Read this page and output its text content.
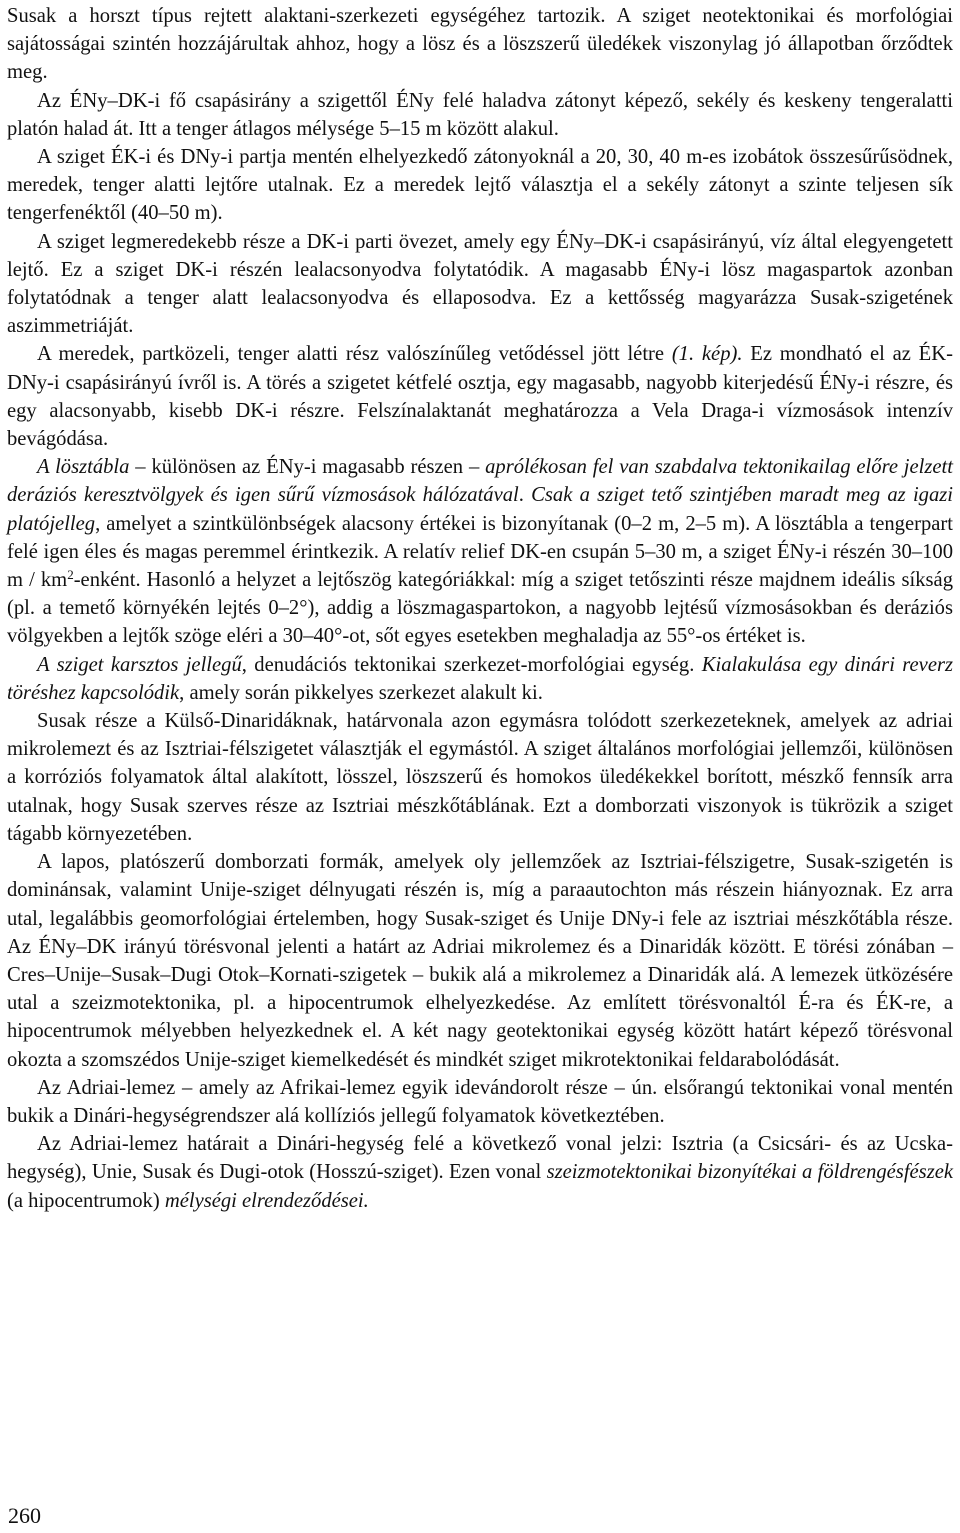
Susak a horszt típus rejtett alaktani-szerkezeti egységéhez tartozik. A sziget neotektonikai és morfológiai sajátosságai szintén hozzájárultak ahhoz, hogy a lösz és a löszszerű üledékek viszonylag jó állapotban őrződtek meg.

Az ÉNy–DK-i fő csapásirány a szigettől ÉNy felé haladva zátonyt képező, sekély és keskeny tengeralatti platón halad át. Itt a tenger átlagos mélysége 5–15 m között alakul.

A sziget ÉK-i és DNy-i partja mentén elhelyezkedő zátonyoknál a 20, 30, 40 m-es izobátok összesűrűsödnek, meredek, tenger alatti lejtőre utalnak. Ez a meredek lejtő választja el a sekély zátonyt a szinte teljesen sík tengerfenéktől (40–50 m).

A sziget legmeredekebb része a DK-i parti övezet, amely egy ÉNy–DK-i csapásirányú, víz által elegyengetett lejtő. Ez a sziget DK-i részén lealacsonyodva folytatódik. A magasabb ÉNy-i lösz magaspartok azonban folytatódnak a tenger alatt lealacsonyodva és ellaposodva. Ez a kettősség magyarázza Susak-szigetének aszimmetriáját.

A meredek, partközeli, tenger alatti rész valószínűleg vetődéssel jött létre (1. kép). Ez mondható el az ÉK-DNy-i csapásirányú ívről is. A törés a szigetet kétfelé osztja, egy magasabb, nagyobb kiterjedésű ÉNy-i részre, és egy alacsonyabb, kisebb DK-i részre. Felszínalaktanát meghatározza a Vela Draga-i vízmosások intenzív bevágódása.

A lösztábla – különösen az ÉNy-i magasabb részen – aprólékosan fel van szabdalva tektonikailag előre jelzett deráziós keresztvölgyek és igen sűrű vízmosások hálózatával. Csak a sziget tető szintjében maradt meg az igazi platójelleg, amelyet a szintkülönbségek alacsony értékei is bizonyítanak (0–2 m, 2–5 m). A lösztábla a tengerpart felé igen éles és magas peremmel érintkezik. A relatív relief DK-en csupán 5–30 m, a sziget ÉNy-i részén 30–100 m / $km^2$-enként. Hasonló a helyzet a lejtőszög kategóriákkal: míg a sziget tetőszinti része majdnem ideális síkság (pl. a temető környékén lejtés 0–2°), addig a löszmagaspartokon, a nagyobb lejtésű vízmosásokban és deráziós völgyekben a lejtők szöge eléri a 30–40°-ot, sőt egyes esetekben meghaladja az 55°-os értéket is.

A sziget karsztos jellegű, denudációs tektonikai szerkezet-morfológiai egység. Kialakulása egy dinári reverz töréshez kapcsolódik, amely során pikkelyes szerkezet alakult ki.

Susak része a Külső-Dinaridáknak, határvonala azon egymásra tolódott szerkezeteknek, amelyek az adriai mikrolemezt és az Isztriai-félszigetet választják el egymástól. A sziget általános morfológiai jellemzői, különösen a korróziós folyamatok által alakított, lösszel, löszszerű és homokos üledékekkel borított, mészkő fennsík arra utalnak, hogy Susak szerves része az Isztriai mészkőtáblának. Ezt a domborzati viszonyok is tükrözik a sziget tágabb környezetében.

A lapos, platószerű domborzati formák, amelyek oly jellemzőek az Isztriai-félszigetre, Susak-szigetén is dominánsak, valamint Unije-sziget délnyugati részén is, míg a paraautochton más részein hiányoznak. Ez arra utal, legalábbis geomorfológiai értelemben, hogy Susak-sziget és Unije DNy-i fele az isztriai mészkőtábla része. Az ÉNy–DK irányú törésvonal jelenti a határt az Adriai mikrolemez és a Dinaridák között. E törési zónában – Cres–Unije–Susak–Dugi Otok–Kornati-szigetek – bukik alá a mikrolemez a Dinaridák alá. A lemezek ütközésére utal a szeizmotektonika, pl. a hipocentrumok elhelyezkedése. Az említett törésvonaltól É-ra és ÉK-re, a hipocentrumok mélyebben helyezkednek el. A két nagy geotektonikai egység között határt képező törésvonal okozta a szomszédos Unije-sziget kiemelkedését és mindkét sziget mikrotektonikai feldarabolódását.

Az Adriai-lemez – amely az Afrikai-lemez egyik idevándorolt része – ún. elsőrangú tektonikai vonal mentén bukik a Dinári-hegységrendszer alá kollíziós jellegű folyamatok következtében.

Az Adriai-lemez határait a Dinári-hegység felé a következő vonal jelzi: Isztria (a Csicsári- és az Ucska-hegység), Unie, Susak és Dugi-otok (Hosszú-sziget). Ezen vonal szeizmotektonikai bizonyítékai a földrengésfészek (a hipocentrumok) mélységi elrendeződései.

260
